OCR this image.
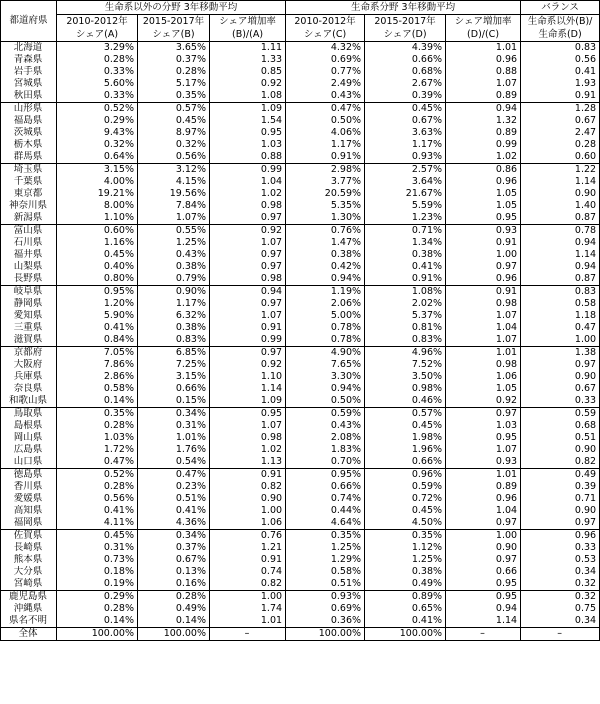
都道府県	生命系以外の分野 3年移動平均			生命系分野 3年移動平均			バランス
	2010-2012年	2015-2017年	シェア増加率	2010-2012年	2015-2017年	シェア増加率	生命系以外(B)/
	シェア(A)	シェア(B)	(B)/(A)	シェア(C)	シェア(D)	(D)/(C)	生命系(D)
北海道	3.29%	3.65%	1.11	4.32%	4.39%	1.01	0.83
青森県	0.28%	0.37%	1.33	0.69%	0.66%	0.96	0.56
岩手県	0.33%	0.28%	0.85	0.77%	0.68%	0.88	0.41
宮城県	5.60%	5.17%	0.92	2.49%	2.67%	1.07	1.93
秋田県	0.33%	0.35%	1.08	0.43%	0.39%	0.89	0.91
山形県	0.52%	0.57%	1.09	0.47%	0.45%	0.94	1.28
福島県	0.29%	0.45%	1.54	0.50%	0.67%	1.32	0.67
茨城県	9.43%	8.97%	0.95	4.06%	3.63%	0.89	2.47
栃木県	0.32%	0.32%	1.03	1.17%	1.17%	0.99	0.28
群馬県	0.64%	0.56%	0.88	0.91%	0.93%	1.02	0.60
埼玉県	3.15%	3.12%	0.99	2.98%	2.57%	0.86	1.22
千葉県	4.00%	4.15%	1.04	3.77%	3.64%	0.96	1.14
東京都	19.21%	19.56%	1.02	20.59%	21.67%	1.05	0.90
神奈川県	8.00%	7.84%	0.98	5.35%	5.59%	1.05	1.40
新潟県	1.10%	1.07%	0.97	1.30%	1.23%	0.95	0.87
富山県	0.60%	0.55%	0.92	0.76%	0.71%	0.93	0.78
石川県	1.16%	1.25%	1.07	1.47%	1.34%	0.91	0.94
福井県	0.45%	0.43%	0.97	0.38%	0.38%	1.00	1.14
山梨県	0.40%	0.38%	0.97	0.42%	0.41%	0.97	0.94
長野県	0.80%	0.79%	0.98	0.94%	0.91%	0.96	0.87
岐阜県	0.95%	0.90%	0.94	1.19%	1.08%	0.91	0.83
静岡県	1.20%	1.17%	0.97	2.06%	2.02%	0.98	0.58
愛知県	5.90%	6.32%	1.07	5.00%	5.37%	1.07	1.18
三重県	0.41%	0.38%	0.91	0.78%	0.81%	1.04	0.47
滋賀県	0.84%	0.83%	0.99	0.78%	0.83%	1.07	1.00
京都府	7.05%	6.85%	0.97	4.90%	4.96%	1.01	1.38
大阪府	7.86%	7.25%	0.92	7.65%	7.52%	0.98	0.97
兵庫県	2.86%	3.15%	1.10	3.30%	3.50%	1.06	0.90
奈良県	0.58%	0.66%	1.14	0.94%	0.98%	1.05	0.67
和歌山県	0.14%	0.15%	1.09	0.50%	0.46%	0.92	0.33
鳥取県	0.35%	0.34%	0.95	0.59%	0.57%	0.97	0.59
島根県	0.28%	0.31%	1.07	0.43%	0.45%	1.03	0.68
岡山県	1.03%	1.01%	0.98	2.08%	1.98%	0.95	0.51
広島県	1.72%	1.76%	1.02	1.83%	1.96%	1.07	0.90
山口県	0.47%	0.54%	1.13	0.70%	0.66%	0.93	0.82
徳島県	0.52%	0.47%	0.91	0.95%	0.96%	1.01	0.49
香川県	0.28%	0.23%	0.82	0.66%	0.59%	0.89	0.39
愛媛県	0.56%	0.51%	0.90	0.74%	0.72%	0.96	0.71
高知県	0.41%	0.41%	1.00	0.44%	0.45%	1.04	0.90
福岡県	4.11%	4.36%	1.06	4.64%	4.50%	0.97	0.97
佐賀県	0.45%	0.34%	0.76	0.35%	0.35%	1.00	0.96
長崎県	0.31%	0.37%	1.21	1.25%	1.12%	0.90	0.33
熊本県	0.73%	0.67%	0.91	1.29%	1.25%	0.97	0.53
大分県	0.18%	0.13%	0.74	0.58%	0.38%	0.66	0.34
宮崎県	0.19%	0.16%	0.82	0.51%	0.49%	0.95	0.32
鹿児島県	0.29%	0.28%	1.00	0.93%	0.89%	0.95	0.32
沖縄県	0.28%	0.49%	1.74	0.69%	0.65%	0.94	0.75
県名不明	0.14%	0.14%	1.01	0.36%	0.41%	1.14	0.34
全体	100.00%	100.00%	–	100.00%	100.00%	–	–
